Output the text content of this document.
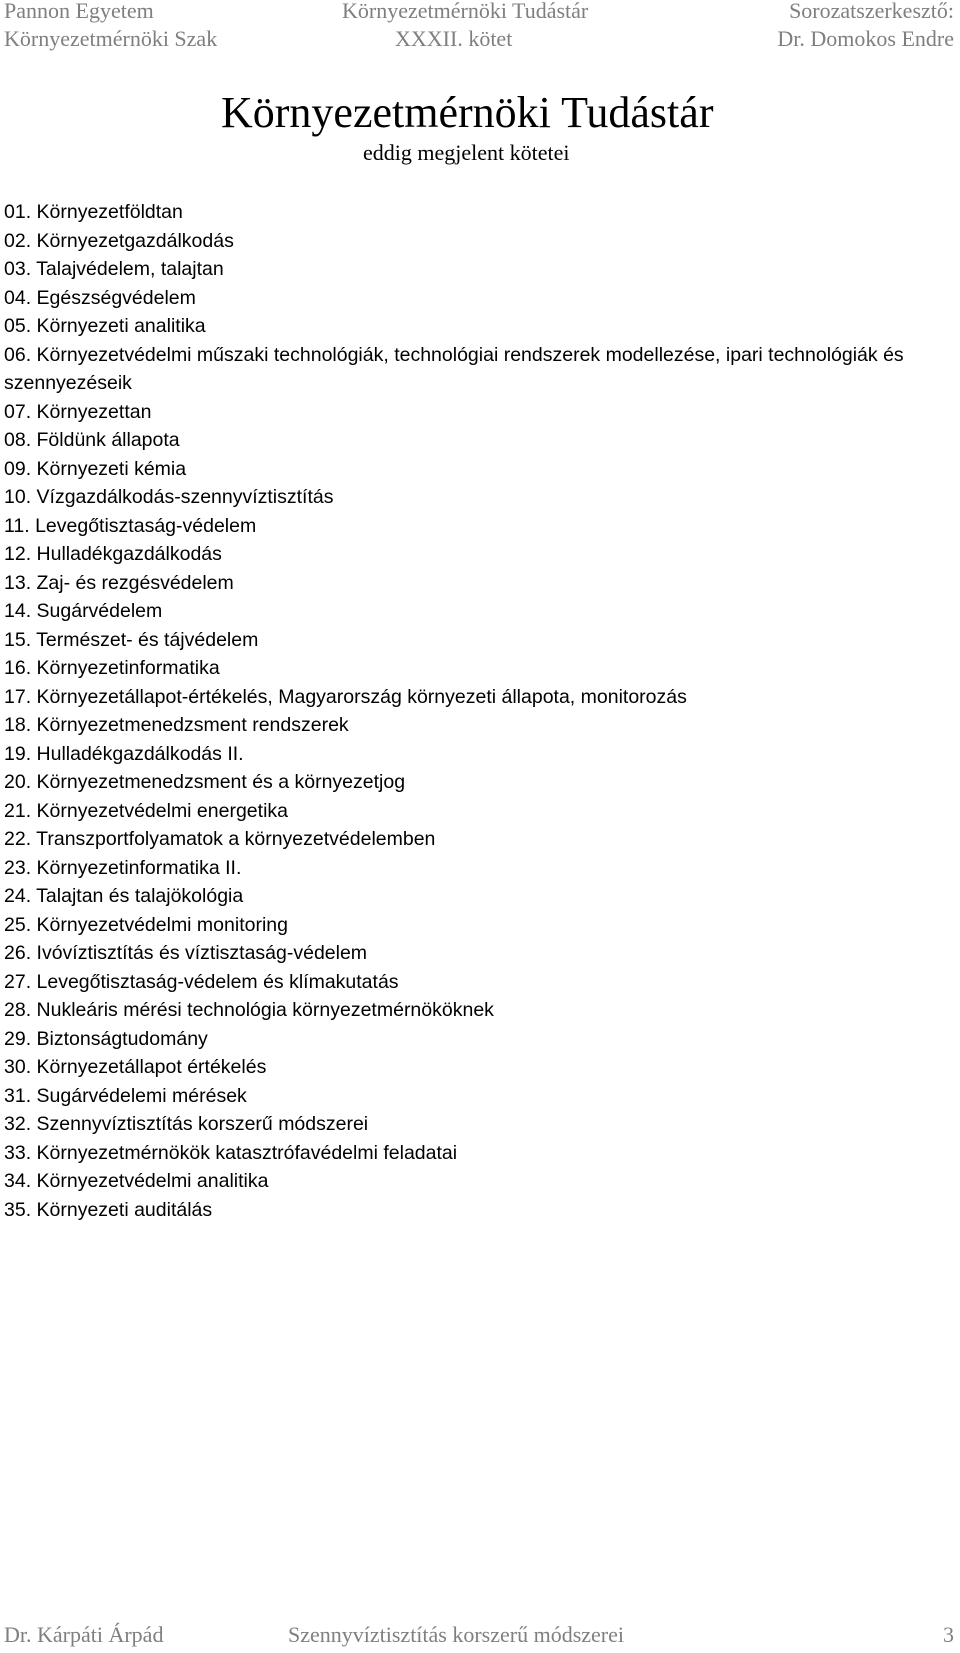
Pannon Egyetem	Környezetmérnöki Tudástár	Sorozatszerkesztő:
Környezetmérnöki Szak	XXXII. kötet	Dr. Domokos Endre
Környezetmérnöki Tudástár
eddig megjelent kötetei
01. Környezetföldtan
02. Környezetgazdálkodás
03. Talajvédelem, talajtan
04. Egészségvédelem
05. Környezeti analitika
06. Környezetvédelmi műszaki technológiák, technológiai rendszerek modellezése, ipari technológiák és szennyezéseik
07. Környezettan
08. Földünk állapota
09. Környezeti kémia
10. Vízgazdálkodás-szennyvíztisztítás
11. Levegőtisztaság-védelem
12. Hulladékgazdálkodás
13. Zaj- és rezgésvédelem
14. Sugárvédelem
15. Természet- és tájvédelem
16. Környezetinformatika
17. Környezetállapot-értékelés, Magyarország környezeti állapota, monitorozás
18. Környezetmenedzsment rendszerek
19. Hulladékgazdálkodás II.
20. Környezetmenedzsment és a környezetjog
21. Környezetvédelmi energetika
22. Transzportfolyamatok a környezetvédelemben
23. Környezetinformatika II.
24. Talajtan és talajökológia
25. Környezetvédelmi monitoring
26. Ivóvíztisztítás és víztisztaság-védelem
27. Levegőtisztaság-védelem és klímakutatás
28. Nukleáris mérési technológia környezetmérnököknek
29. Biztonságtudomány
30. Környezetállapot értékelés
31. Sugárvédelemi mérések
32. Szennyvíztisztítás korszerű módszerei
33. Környezetmérnökök katasztrófavédelmi feladatai
34. Környezetvédelmi analitika
35. Környezeti auditálás
Dr. Kárpáti Árpád	Szennyvíztisztítás korszerű módszerei	3
